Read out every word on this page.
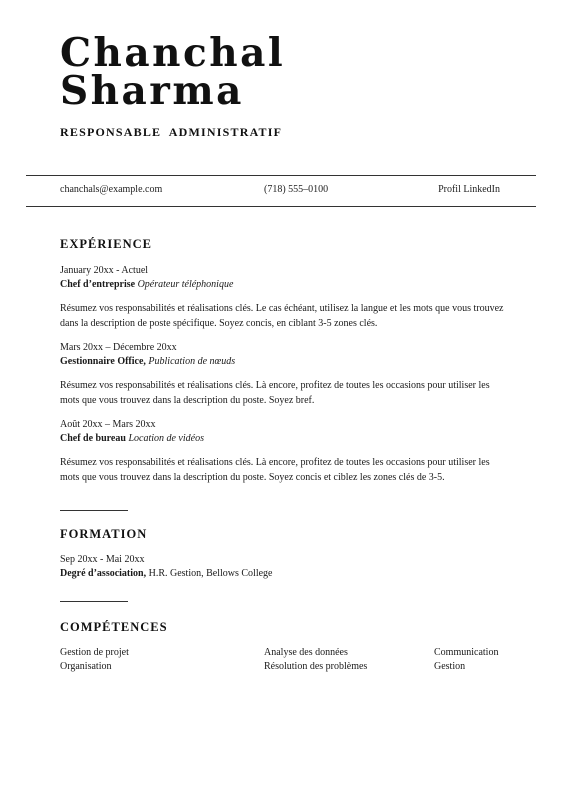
Chanchal
Sharma
RESPONSABLE ADMINISTRATIF
chanchals@example.com	(718) 555–0100	Profil LinkedIn
EXPÉRIENCE
January 20xx - Actuel
Chef d’entreprise Opérateur téléphonique
Résumez vos responsabilités et réalisations clés. Le cas échéant, utilisez la langue et les mots que vous trouvez dans la description de poste spécifique. Soyez concis, en ciblant 3-5 zones clés.
Mars 20xx – Décembre 20xx
Gestionnaire Office, Publication de nœuds
Résumez vos responsabilités et réalisations clés. Là encore, profitez de toutes les occasions pour utiliser les mots que vous trouvez dans la description du poste. Soyez bref.
Août 20xx – Mars 20xx
Chef de bureau Location de vidéos
Résumez vos responsabilités et réalisations clés. Là encore, profitez de toutes les occasions pour utiliser les mots que vous trouvez dans la description du poste. Soyez concis et ciblez les zones clés de 3-5.
FORMATION
Sep 20xx - Mai 20xx
Degré d’association, H.R. Gestion, Bellows College
COMPÉTENCES
Gestion de projet	Analyse des données	Communication
Organisation	Résolution des problèmes	Gestion
